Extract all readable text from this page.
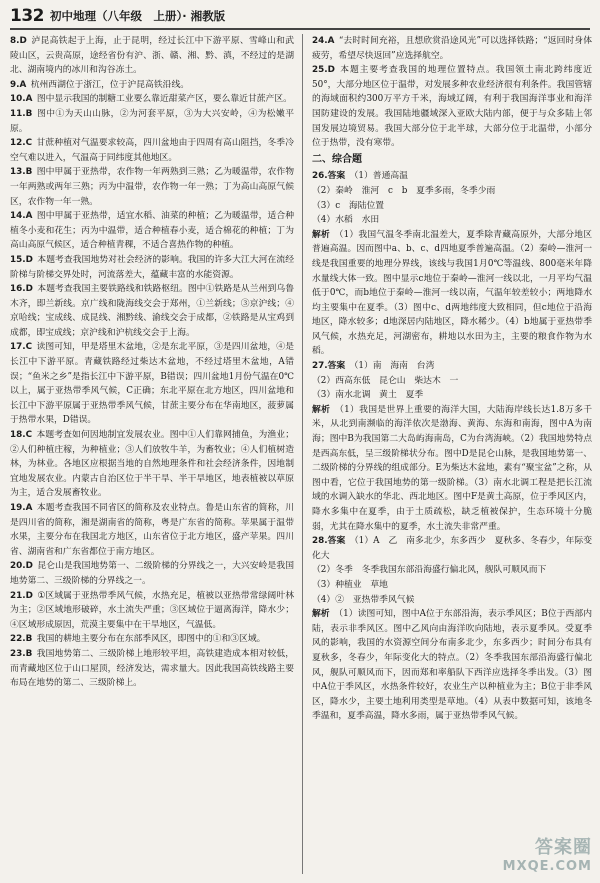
132 初中地理（八年级　上册）· 湘教版
8.D  泸昆高铁起于上海，止于昆明，经过长江中下游平原、雪峰山和武陵山区，云贵高原，途经省份有沪、浙、赣、湘、黔、滇，不经过的是湖北、湖南境内的冰川和沟谷冻土。
9.A  杭州西湖位于浙江，位于沪昆高铁沿线。
10.A  图中显示我国的制糖工业要么靠近甜菜产区，要么靠近甘蔗产区。
11.B  图中①为天山山脉，②为河套平原，③为大兴安岭，④为松嫩平原。
12.C  甘蔗种植对气温要求较高，四川盆地由于四周有高山阻挡，冬季冷空气难以进入，气温高于同纬度其他地区。
13.B  图中甲属于亚热带，农作物一年两熟到三熟；乙为暖温带，农作物一年两熟或两年三熟；丙为中温带，农作物一年一熟；丁为高山高原气候区，农作物一年一熟。
14.A  图中甲属于亚热带，适宜水稻、油菜的种植；乙为暖温带，适合种植冬小麦和花生；丙为中温带，适合种植春小麦，适合棉花的种植；丁为高山高原气候区，适合种植青稞，不适合喜热作物的种植。
15.D  本题考查我国地势对社会经济的影响。我国的许多大江大河在流经阶梯与阶梯交界处时，河流落差大，蕴藏丰富的水能资源。
16.D  本题考查我国主要铁路线和铁路枢纽。图中①铁路是从兰州到乌鲁木齐，即兰新线。京广线和陇海线交会于郑州，①兰新线；③京沪线；④京哈线；宝成线、成昆线、湘黔线、渝线交会于成都，②铁路是从宝鸡到成都，即宝成线；京沪线和沪杭线交会于上海。
17.C  读图可知，甲是塔里木盆地，②是东北平原，③是四川盆地，④是长江中下游平原。青藏铁路经过柴达木盆地，不经过塔里木盆地，A错误；“鱼米之乡”是指长江中下游平原，B错误；四川盆地1月份气温在0℃以上，属于亚热带季风气候，C正确；东北平原在北方地区，四川盆地和长江中下游平原属于亚热带季风气候，甘蔗主要分布在华南地区，菠萝属于热带水果，D错误。
18.C  本题考查如何因地制宜发展农业。图中①人们靠网捕鱼，为渔业；②人们种植庄稼，为种植业；③人们放牧牛羊，为畜牧业；④人们植树造林，为林业。各地区应根据当地的自然地理条件和社会经济条件，因地制宜地发展农业。内蒙古自治区位于半干旱、半干旱地区，地表植被以草原为主，适合发展畜牧业。
19.A  本题考查我国不同省区的简称及农业特点。鲁是山东省的简称，川是四川省的简称，湘是湖南省的简称，粤是广东省的简称。苹果属于温带水果，主要分布在我国北方地区，山东省位于北方地区，盛产苹果。四川省、湖南省和广东省都位于南方地区。
20.D  昆仑山是我国地势第一、二级阶梯的分界线之一，大兴安岭是我国地势第二、三级阶梯的分界线之一。
21.D  ①区域属于亚热带季风气候，水热充足，植被以亚热带常绿阔叶林为主；②区域地形破碎，水土流失严重；③区域位于逼离海洋，降水少；④区域形成原因，荒漠主要集中在干旱地区，气温低。
22.B  我国的耕地主要分布在东部季风区，即图中的①和③区域。
23.B  我国地势第二、三级阶梯上地形较平坦，高铁建造成本相对较低，而青藏地区位于山口屋顶，经济发达，需求量大。因此我国高铁线路主要布局在地势的第二、三级阶梯上。
24.A  “去时时间充裕，且想欣赏沿途风光”可以选择铁路；“返回时身体疲劳，希望尽快返回”应选择航空。
25.D  本题主要考查我国的地理位置特点。我国领土南北跨纬度近50°，大部分地区位于温带，对发展多种农业经济很有利条件。我国管辖的海域面积约300万平方千米，海域辽阔，有利于我国海洋事业和海洋国防建设的发展。我国陆地疆域深入亚欧大陆内部，便于与众多陆上邻国发展边境贸易。我国大部分位于北半球，大部分位于北温带，小部分位于热带，没有寒带。
二、综合题
26.答案  （1）普通高温
（2）秦岭　淮河　c　b　夏季多雨，冬季少雨
（3）c　海陆位置
（4）水稻　水田
解析  （1）我国气温冬季南北温差大，夏季除青藏高原外，大部分地区普遍高温。因而图中a、b、c、d四地夏季普遍高温。（2）秦岭—淮河一线是我国重要的地理分界线，该线与我国1月0℃等温线、800毫米年降水量线大体一致。图中显示c地位于秦岭—淮河一线以北，一月平均气温低于0℃，而b地位于秦岭—淮河一线以南，气温年较差较小；两地降水均主要集中在夏季。（3）图中c、d两地纬度大致相同，但c地位于沿海地区，降水较多；d地深居内陆地区，降水稀少。（4）b地属于亚热带季风气候，水热充足，河湖密布，耕地以水田为主，主要的粮食作物为水稻。
27.答案  （1）南　海南　台湾
（2）西高东低　昆仑山　柴达木　一
（3）南水北调　黄土　夏季
解析  （1）我国是世界上重要的海洋大国，大陆海岸线长达1.8万多千米，从北到南濒临的海洋依次是渤海、黄海、东海和南海，图中A为南海；图中B为我国第二大岛屿海南岛，C为台湾海峡。（2）我国地势特点是西高东低，呈三级阶梯状分布。图中D是昆仑山脉，是我国地势第一、二级阶梯的分界线的组成部分。E为柴达木盆地，素有“聚宝盆”之称，从图中看，它位于我国地势的第一级阶梯。（3）南水北调工程是把长江流域的水调入缺水的华北、西北地区。图中F是黄土高原，位于季风区内，降水多集中在夏季，由于土质疏松，缺乏植被保护，生态环境十分脆弱，尤其在降水集中的夏季，水土流失非常严重。
28.答案  （1）A　乙　南多北少，东多西少　夏秋多、冬春少，年际变化大
（2）冬季　冬季我国东部沿海盛行偏北风，舰队可顺风而下
（3）种植业　草地
（4）②　亚热带季风气候
解析  （1）读图可知，图中A位于东部沿海，表示季风区；B位于西部内陆，表示非季风区。图中乙风向由海洋吹向陆地，表示夏季风。受夏季风的影响，我国的水资源空间分布南多北少，东多西少；时间分布具有夏秋多，冬春少，年际变化大的特点。（2）冬季我国东部沿海盛行偏北风，舰队可顺风而下，因而郑和率船队下西洋应选择冬季出发。（3）图中A位于季风区，水热条件较好，农业生产以种植业为主；B位于非季风区，降水少，主要土地利用类型是草地。（4）从表中数据可知，该地冬季温和，夏季高温，降水多雨，属于亚热带季风气候。
答案圈
MXQE.COM
